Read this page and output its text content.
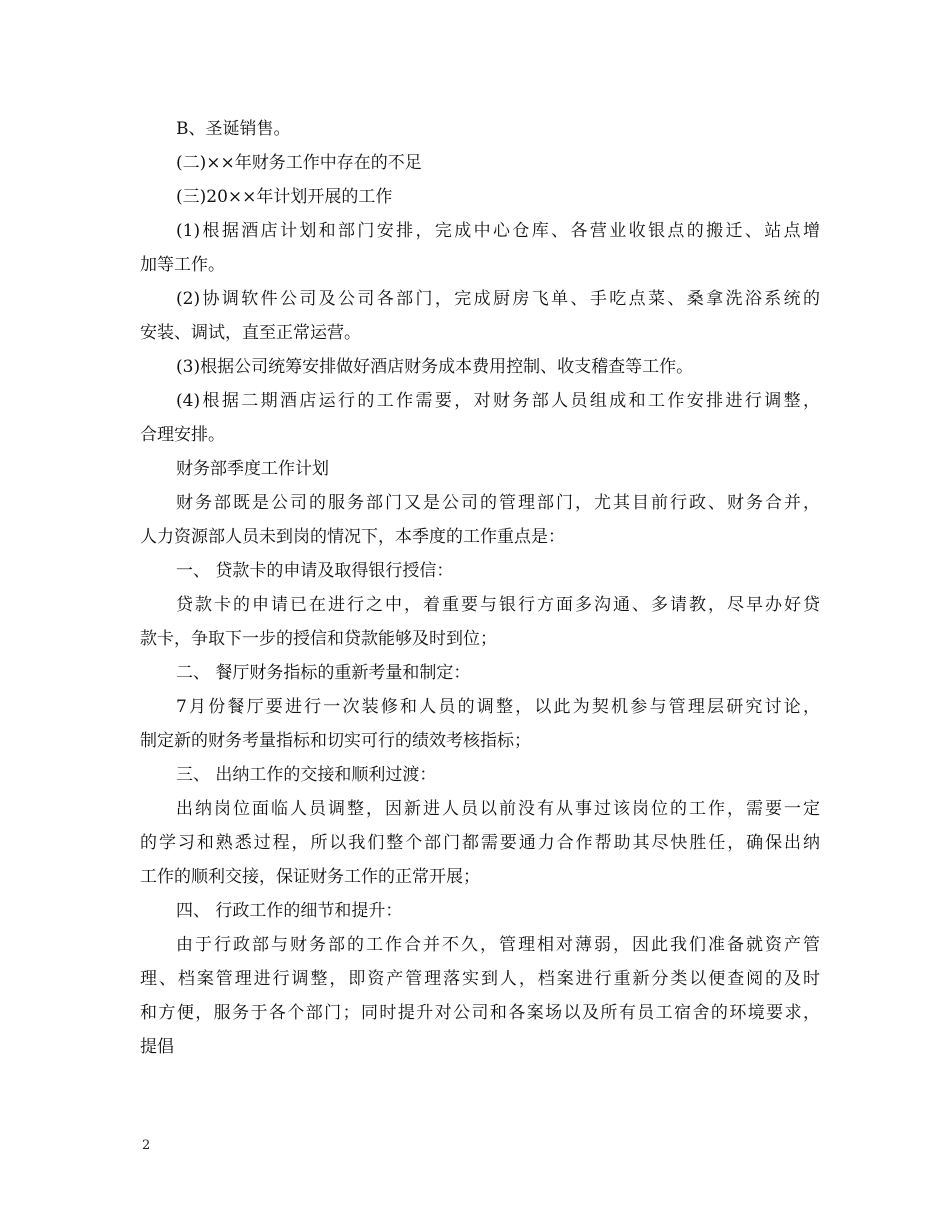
B、圣诞销售。
(二)××年财务工作中存在的不足
(三)20××年计划开展的工作
(1)根据酒店计划和部门安排，完成中心仓库、各营业收银点的搬迁、站点增
加等工作。
(2)协调软件公司及公司各部门，完成厨房飞单、手吃点菜、桑拿洗浴系统的
安装、调试，直至正常运营。
(3)根据公司统筹安排做好酒店财务成本费用控制、收支稽查等工作。
(4)根据二期酒店运行的工作需要，对财务部人员组成和工作安排进行调整，
合理安排。
财务部季度工作计划
财务部既是公司的服务部门又是公司的管理部门，尤其目前行政、财务合并，
人力资源部人员未到岗的情况下，本季度的工作重点是：
一、 贷款卡的申请及取得银行授信：
贷款卡的申请已在进行之中，着重要与银行方面多沟通、多请教，尽早办好贷
款卡，争取下一步的授信和贷款能够及时到位；
二、 餐厅财务指标的重新考量和制定：
7月份餐厅要进行一次装修和人员的调整，以此为契机参与管理层研究讨论，
制定新的财务考量指标和切实可行的绩效考核指标；
三、 出纳工作的交接和顺利过渡：
出纳岗位面临人员调整，因新进人员以前没有从事过该岗位的工作，需要一定
的学习和熟悉过程，所以我们整个部门都需要通力合作帮助其尽快胜任，确保出纳
工作的顺利交接，保证财务工作的正常开展；
四、 行政工作的细节和提升：
由于行政部与财务部的工作合并不久，管理相对薄弱，因此我们准备就资产管
理、档案管理进行调整，即资产管理落实到人，档案进行重新分类以便查阅的及时
和方便，服务于各个部门；同时提升对公司和各案场以及所有员工宿舍的环境要求，
提倡
2
